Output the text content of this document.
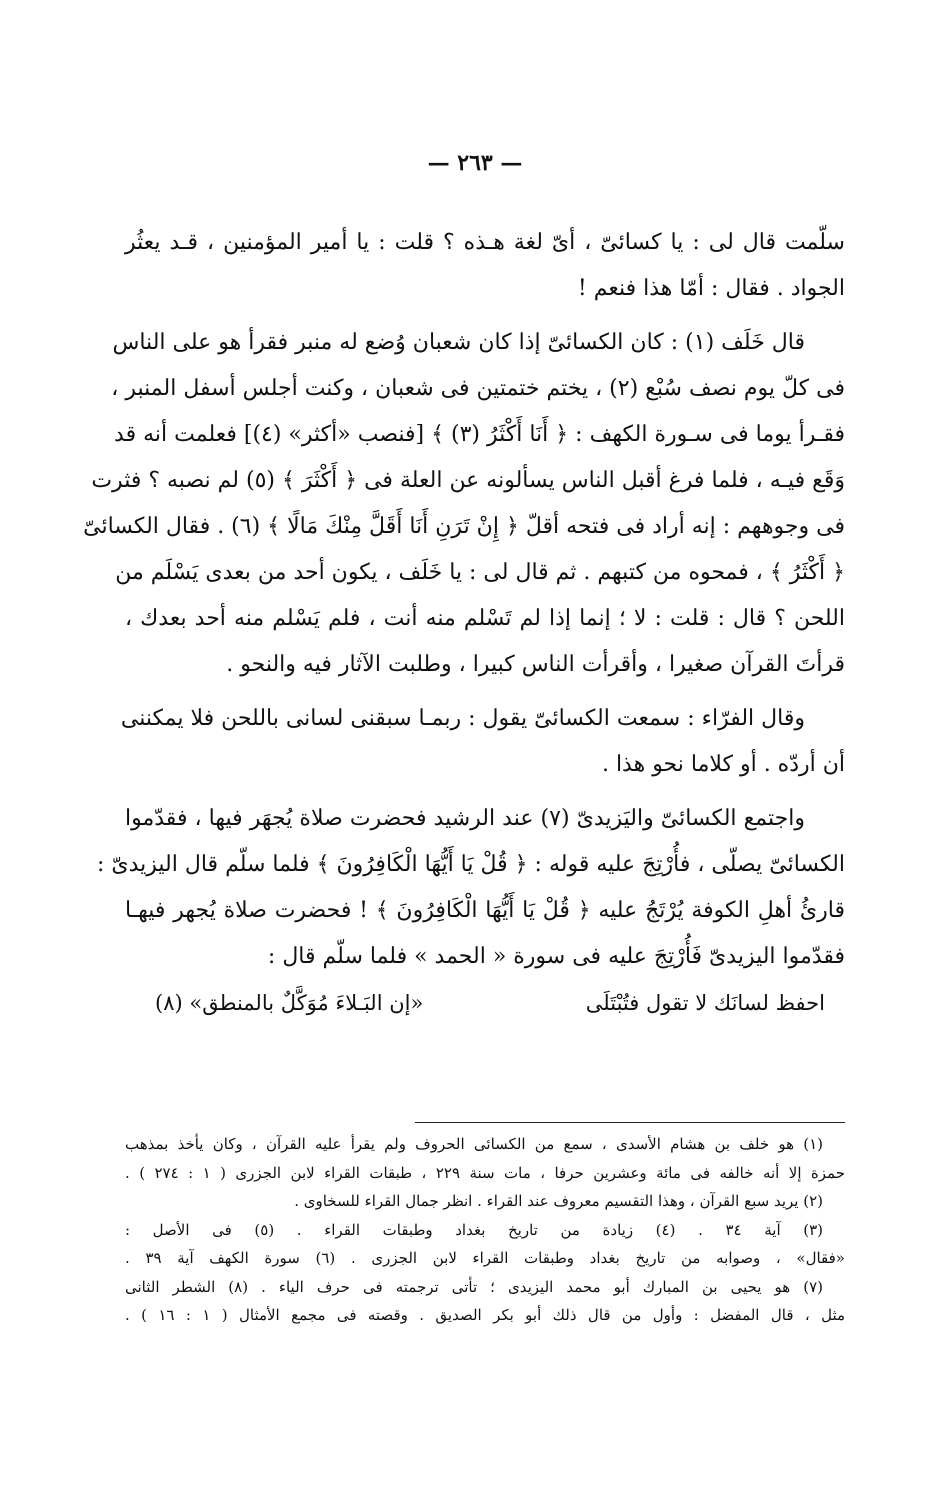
— ٢٦٣ —
سلّمت قال لى : يا كسائىّ ، أىّ لغة هـذه ؟ قلت : يا أمير المؤمنين ، قـد يعثُر
الجواد . فقال : أمّا هذا فنعم !
قال خَلَف (١) : كان الكسائىّ إذا كان شعبان وُضع له منبر فقرأ هو على الناس
فى كلّ يوم نصف سُبْع (٢) ، يختم ختمتين فى شعبان ، وكنت أجلس أسفل المنبر ،
فقـرأ يوما فى سـورة الكهف : ﴿ أَنَا أَكْثَرُ (٣) ﴾ [فنصب «أكثر» (٤)] فعلمت أنه قد
وَقَع فيـه ، فلما فرغ أقبل الناس يسألونه عن العلة فى ﴿ أَكْثَرَ ﴾ (٥) لم نصبه ؟ فثرت
فى وجوههم : إنه أراد فى فتحه أقلّ ﴿ إِنْ تَرَنِ أَنَا أَقَلَّ مِنْكَ مَالًا ﴾ (٦) . فقال الكسائىّ
﴿ أَكْثَرُ ﴾ ، فمحوه من كتبهم . ثم قال لى : يا خَلَف ، يكون أحد من بعدى يَسْلَم من
اللحن ؟ قال : قلت : لا ؛ إنما إذا لم تَسْلم منه أنت ، فلم يَسْلم منه أحد بعدك ،
قرأتَ القرآن صغيرا ، وأقرأت الناس كبيرا ، وطلبت الآثار فيه والنحو .
وقال الفرّاء : سمعت الكسائىّ يقول : ربمـا سبقنى لسانى باللحن فلا يمكننى
أن أردّه . أو كلاما نحو هذا .
واجتمع الكسائىّ واليَزيدىّ (٧) عند الرشيد فحضرت صلاة يُجهَر فيها ، فقدّموا
الكسائىّ يصلّى ، فأُرْتِجَ عليه قوله : ﴿ قُلْ يَا أَيُّهَا الْكَافِرُونَ ﴾ فلما سلّم قال اليزيدىّ :
قارئُ أهلِ الكوفة يُرْتَجُ عليه ﴿ قُلْ يَا أَيُّهَا الْكَافِرُونَ ﴾ ! فحضرت صلاة يُجهر فيهـا
فقدّموا اليزيدىّ فَأُرْتِجَ عليه فى سورة « الحمد » فلما سلّم قال :
احفظ لسانَك لا تقول فتُبْتَلَى
«إن البَـلاءَ مُوَكَّلٌ بالمنطق» (٨)
(١) هو خلف بن هشام الأسدى ، سمع من الكسائى الحروف ولم يقرأ عليه القرآن ، وكان يأخذ بمذهب
حمزة إلا أنه خالفه فى مائة وعشرين حرفا ، مات سنة ٢٢٩ ، طبقات القراء لابن الجزرى ( ١ : ٢٧٤ ) .
(٢) يريد سبع القرآن ، وهذا التقسيم معروف عند القراء . انظر جمال القراء للسخاوى .
(٣) آية ٣٤ . (٤) زيادة من تاريخ بغداد وطبقات القراء . (٥) فى الأصل :
«فقال» ، وصوابه من تاريخ بغداد وطبقات القراء لابن الجزرى . (٦) سورة الكهف آية ٣٩ .
(٧) هو يحيى بن المبارك أبو محمد اليزيدى ؛ تأتى ترجمته فى حرف الياء . (٨) الشطر الثانى
مثل ، قال المفضل : وأول من قال ذلك أبو بكر الصديق . وقصته فى مجمع الأمثال ( ١ : ١٦ ) .
